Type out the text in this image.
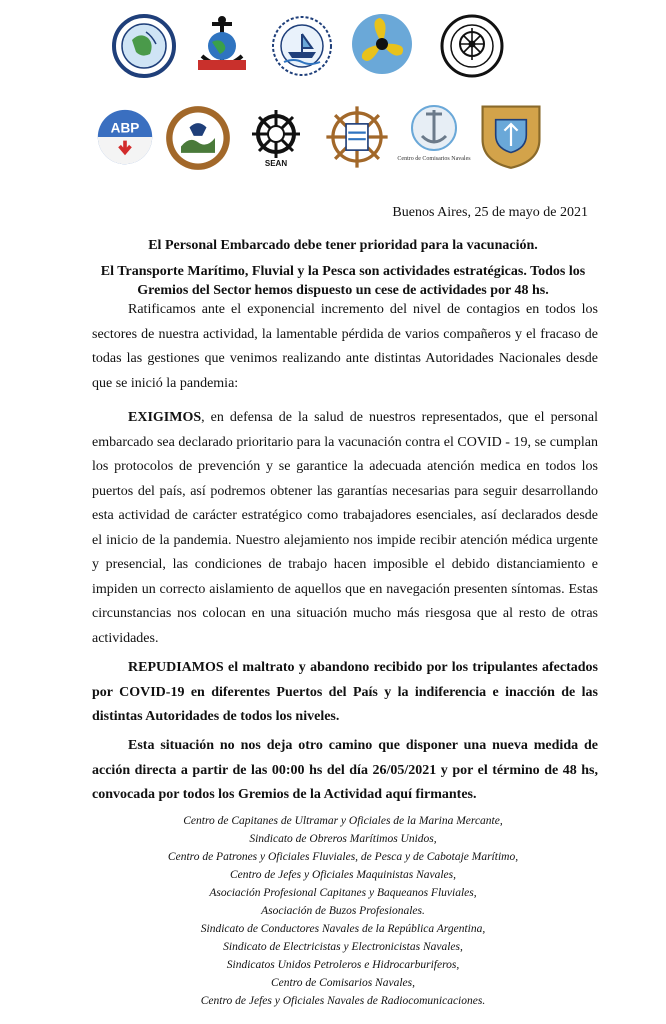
ABP
SEAN	Centro de Comisarios Navales
Buenos Aires, 25 de mayo de 2021
El Personal Embarcado debe tener prioridad para la vacunación.
El Transporte Marítimo, Fluvial y la Pesca son actividades estratégicas. Todos los Gremios del Sector hemos dispuesto un cese de actividades por 48 hs.

Ratificamos ante el exponencial incremento del nivel de contagios en todos los sectores de nuestra actividad, la lamentable pérdida de varios compañeros y el fracaso de todas las gestiones que venimos realizando ante distintas Autoridades Nacionales desde que se inició la pandemia:

EXIGIMOS, en defensa de la salud de nuestros representados, que el personal embarcado sea declarado prioritario para la vacunación contra el COVID - 19, se cumplan los protocolos de prevención y se garantice la adecuada atención medica en todos los puertos del país, así podremos obtener las garantías necesarias para seguir desarrollando esta actividad de carácter estratégico como trabajadores esenciales, así declarados desde el inicio de la pandemia. Nuestro alejamiento nos impide recibir atención médica urgente y presencial, las condiciones de trabajo hacen imposible el debido distanciamiento e impiden un correcto aislamiento de aquellos que en navegación presenten síntomas. Estas circunstancias nos colocan en una situación mucho más riesgosa que al resto de otras actividades.

REPUDIAMOS el maltrato y abandono recibido por los tripulantes afectados por COVID-19 en diferentes Puertos del País y la indiferencia e inacción de las distintas Autoridades de todos los niveles.

Esta situación no nos deja otro camino que disponer una nueva medida de acción directa a partir de las 00:00 hs del día 26/05/2021 y por el término de 48 hs, convocada por todos los Gremios de la Actividad aquí firmantes.

Centro de Capitanes de Ultramar y Oficiales de la Marina Mercante,
Sindicato de Obreros Marítimos Unidos,
Centro de Patrones y Oficiales Fluviales, de Pesca y de Cabotaje Marítimo,
Centro de Jefes y Oficiales Maquinistas Navales,
Asociación Profesional Capitanes y Baqueanos Fluviales,
Asociación de Buzos Profesionales.
Sindicato de Conductores Navales de la República Argentina,
Sindicato de Electricistas y Electronicistas Navales,
Sindicatos Unidos Petroleros e Hidrocarburiferos,
Centro de Comisarios Navales,
Centro de Jefes y Oficiales Navales de Radiocomunicaciones.
